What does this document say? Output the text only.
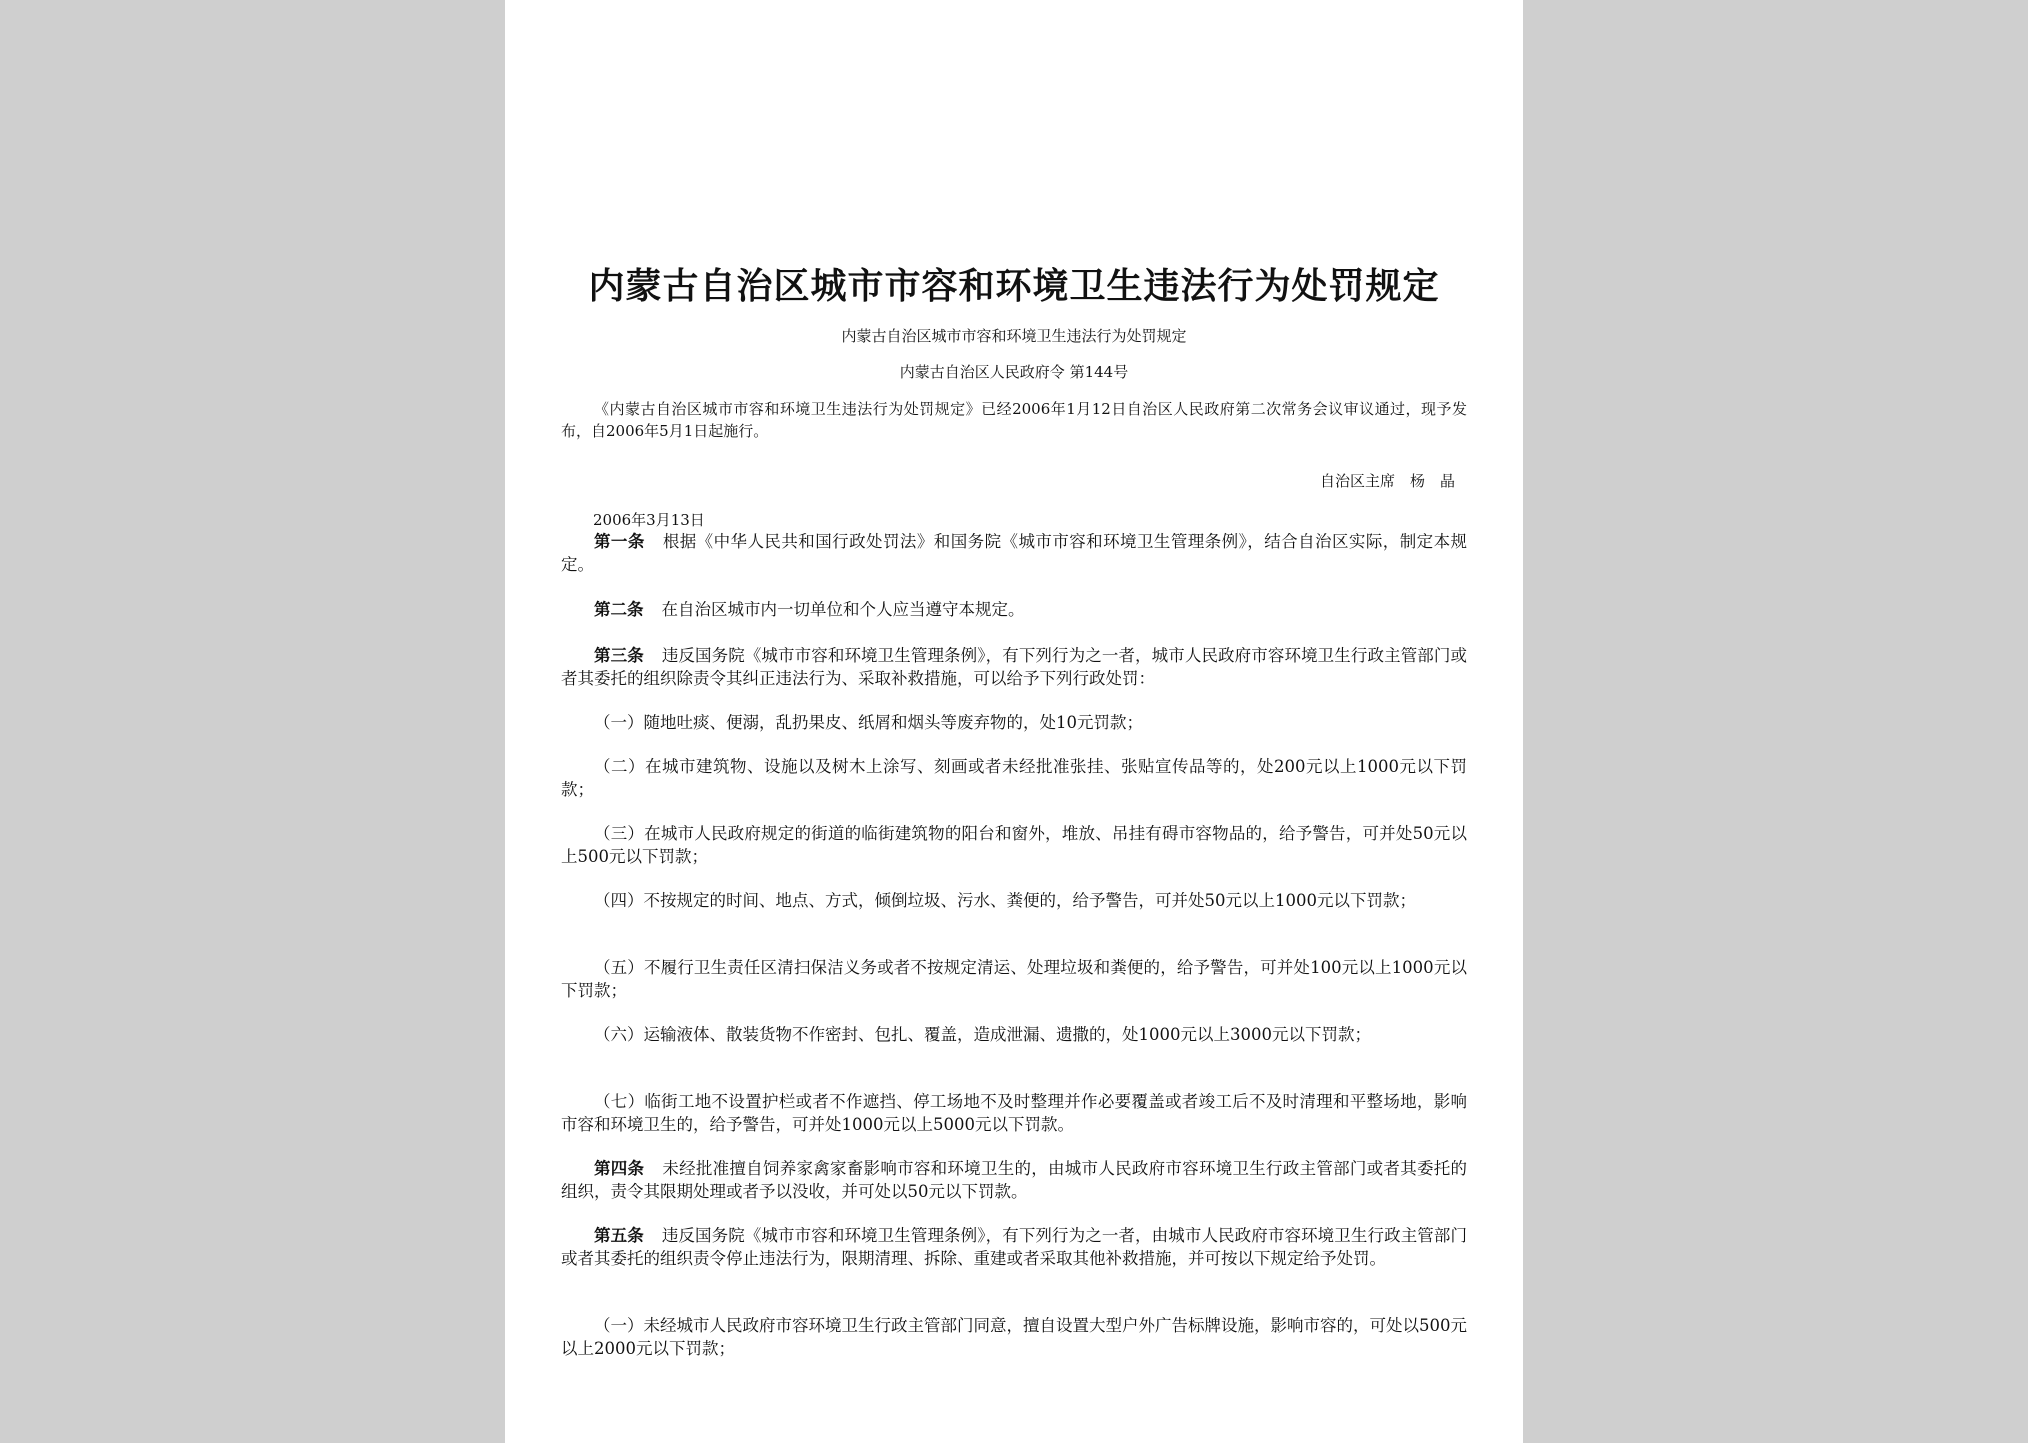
内蒙古自治区城市市容和环境卫生违法行为处罚规定

内蒙古自治区城市市容和环境卫生违法行为处罚规定

内蒙古自治区人民政府令 第144号

《内蒙古自治区城市市容和环境卫生违法行为处罚规定》已经2006年1月12日自治区人民政府第二次常务会议审议通过，现予发布，自2006年5月1日起施行。

自治区主席　杨　晶

2006年3月13日

第一条 根据《中华人民共和国行政处罚法》和国务院《城市市容和环境卫生管理条例》，结合自治区实际，制定本规定。

第二条 在自治区城市内一切单位和个人应当遵守本规定。

第三条 违反国务院《城市市容和环境卫生管理条例》，有下列行为之一者，城市人民政府市容环境卫生行政主管部门或者其委托的组织除责令其纠正违法行为、采取补救措施，可以给予下列行政处罚：

（一）随地吐痰、便溺，乱扔果皮、纸屑和烟头等废弃物的，处10元罚款；

（二）在城市建筑物、设施以及树木上涂写、刻画或者未经批准张挂、张贴宣传品等的，处200元以上1000元以下罚款；

（三）在城市人民政府规定的街道的临街建筑物的阳台和窗外，堆放、吊挂有碍市容物品的，给予警告，可并处50元以上500元以下罚款；

（四）不按规定的时间、地点、方式，倾倒垃圾、污水、粪便的，给予警告，可并处50元以上1000元以下罚款；

（五）不履行卫生责任区清扫保洁义务或者不按规定清运、处理垃圾和粪便的，给予警告，可并处100元以上1000元以下罚款；

（六）运输液体、散装货物不作密封、包扎、覆盖，造成泄漏、遗撒的，处1000元以上3000元以下罚款；

（七）临街工地不设置护栏或者不作遮挡、停工场地不及时整理并作必要覆盖或者竣工后不及时清理和平整场地，影响市容和环境卫生的，给予警告，可并处1000元以上5000元以下罚款。

第四条 未经批准擅自饲养家禽家畜影响市容和环境卫生的，由城市人民政府市容环境卫生行政主管部门或者其委托的组织，责令其限期处理或者予以没收，并可处以50元以下罚款。

第五条 违反国务院《城市市容和环境卫生管理条例》，有下列行为之一者，由城市人民政府市容环境卫生行政主管部门或者其委托的组织责令停止违法行为，限期清理、拆除、重建或者采取其他补救措施，并可按以下规定给予处罚。

（一）未经城市人民政府市容环境卫生行政主管部门同意，擅自设置大型户外广告标牌设施，影响市容的，可处以500元以上2000元以下罚款；
